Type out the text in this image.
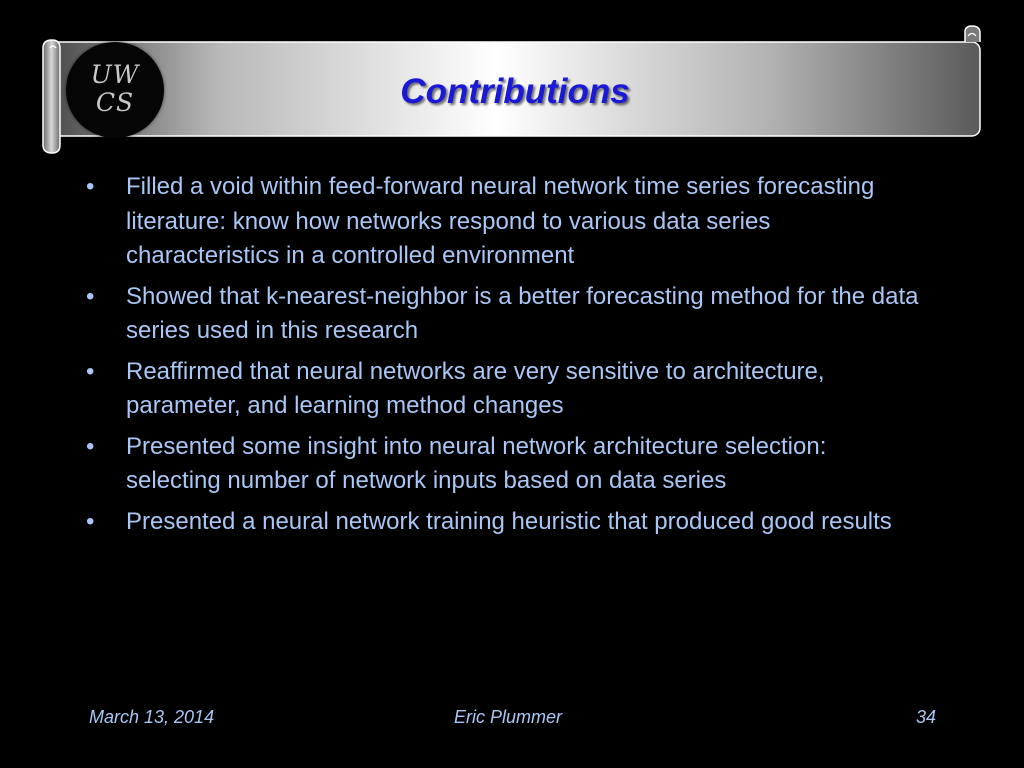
UW
CS	Contributions
• Filled a void within feed-forward neural network time series forecasting literature: know how networks respond to various data series characteristics in a controlled environment
• Showed that k-nearest-neighbor is a better forecasting method for the data series used in this research
• Reaffirmed that neural networks are very sensitive to architecture, parameter, and learning method changes
• Presented some insight into neural network architecture selection: selecting number of network inputs based on data series
• Presented a neural network training heuristic that produced good results
March 13, 2014	Eric Plummer	34
